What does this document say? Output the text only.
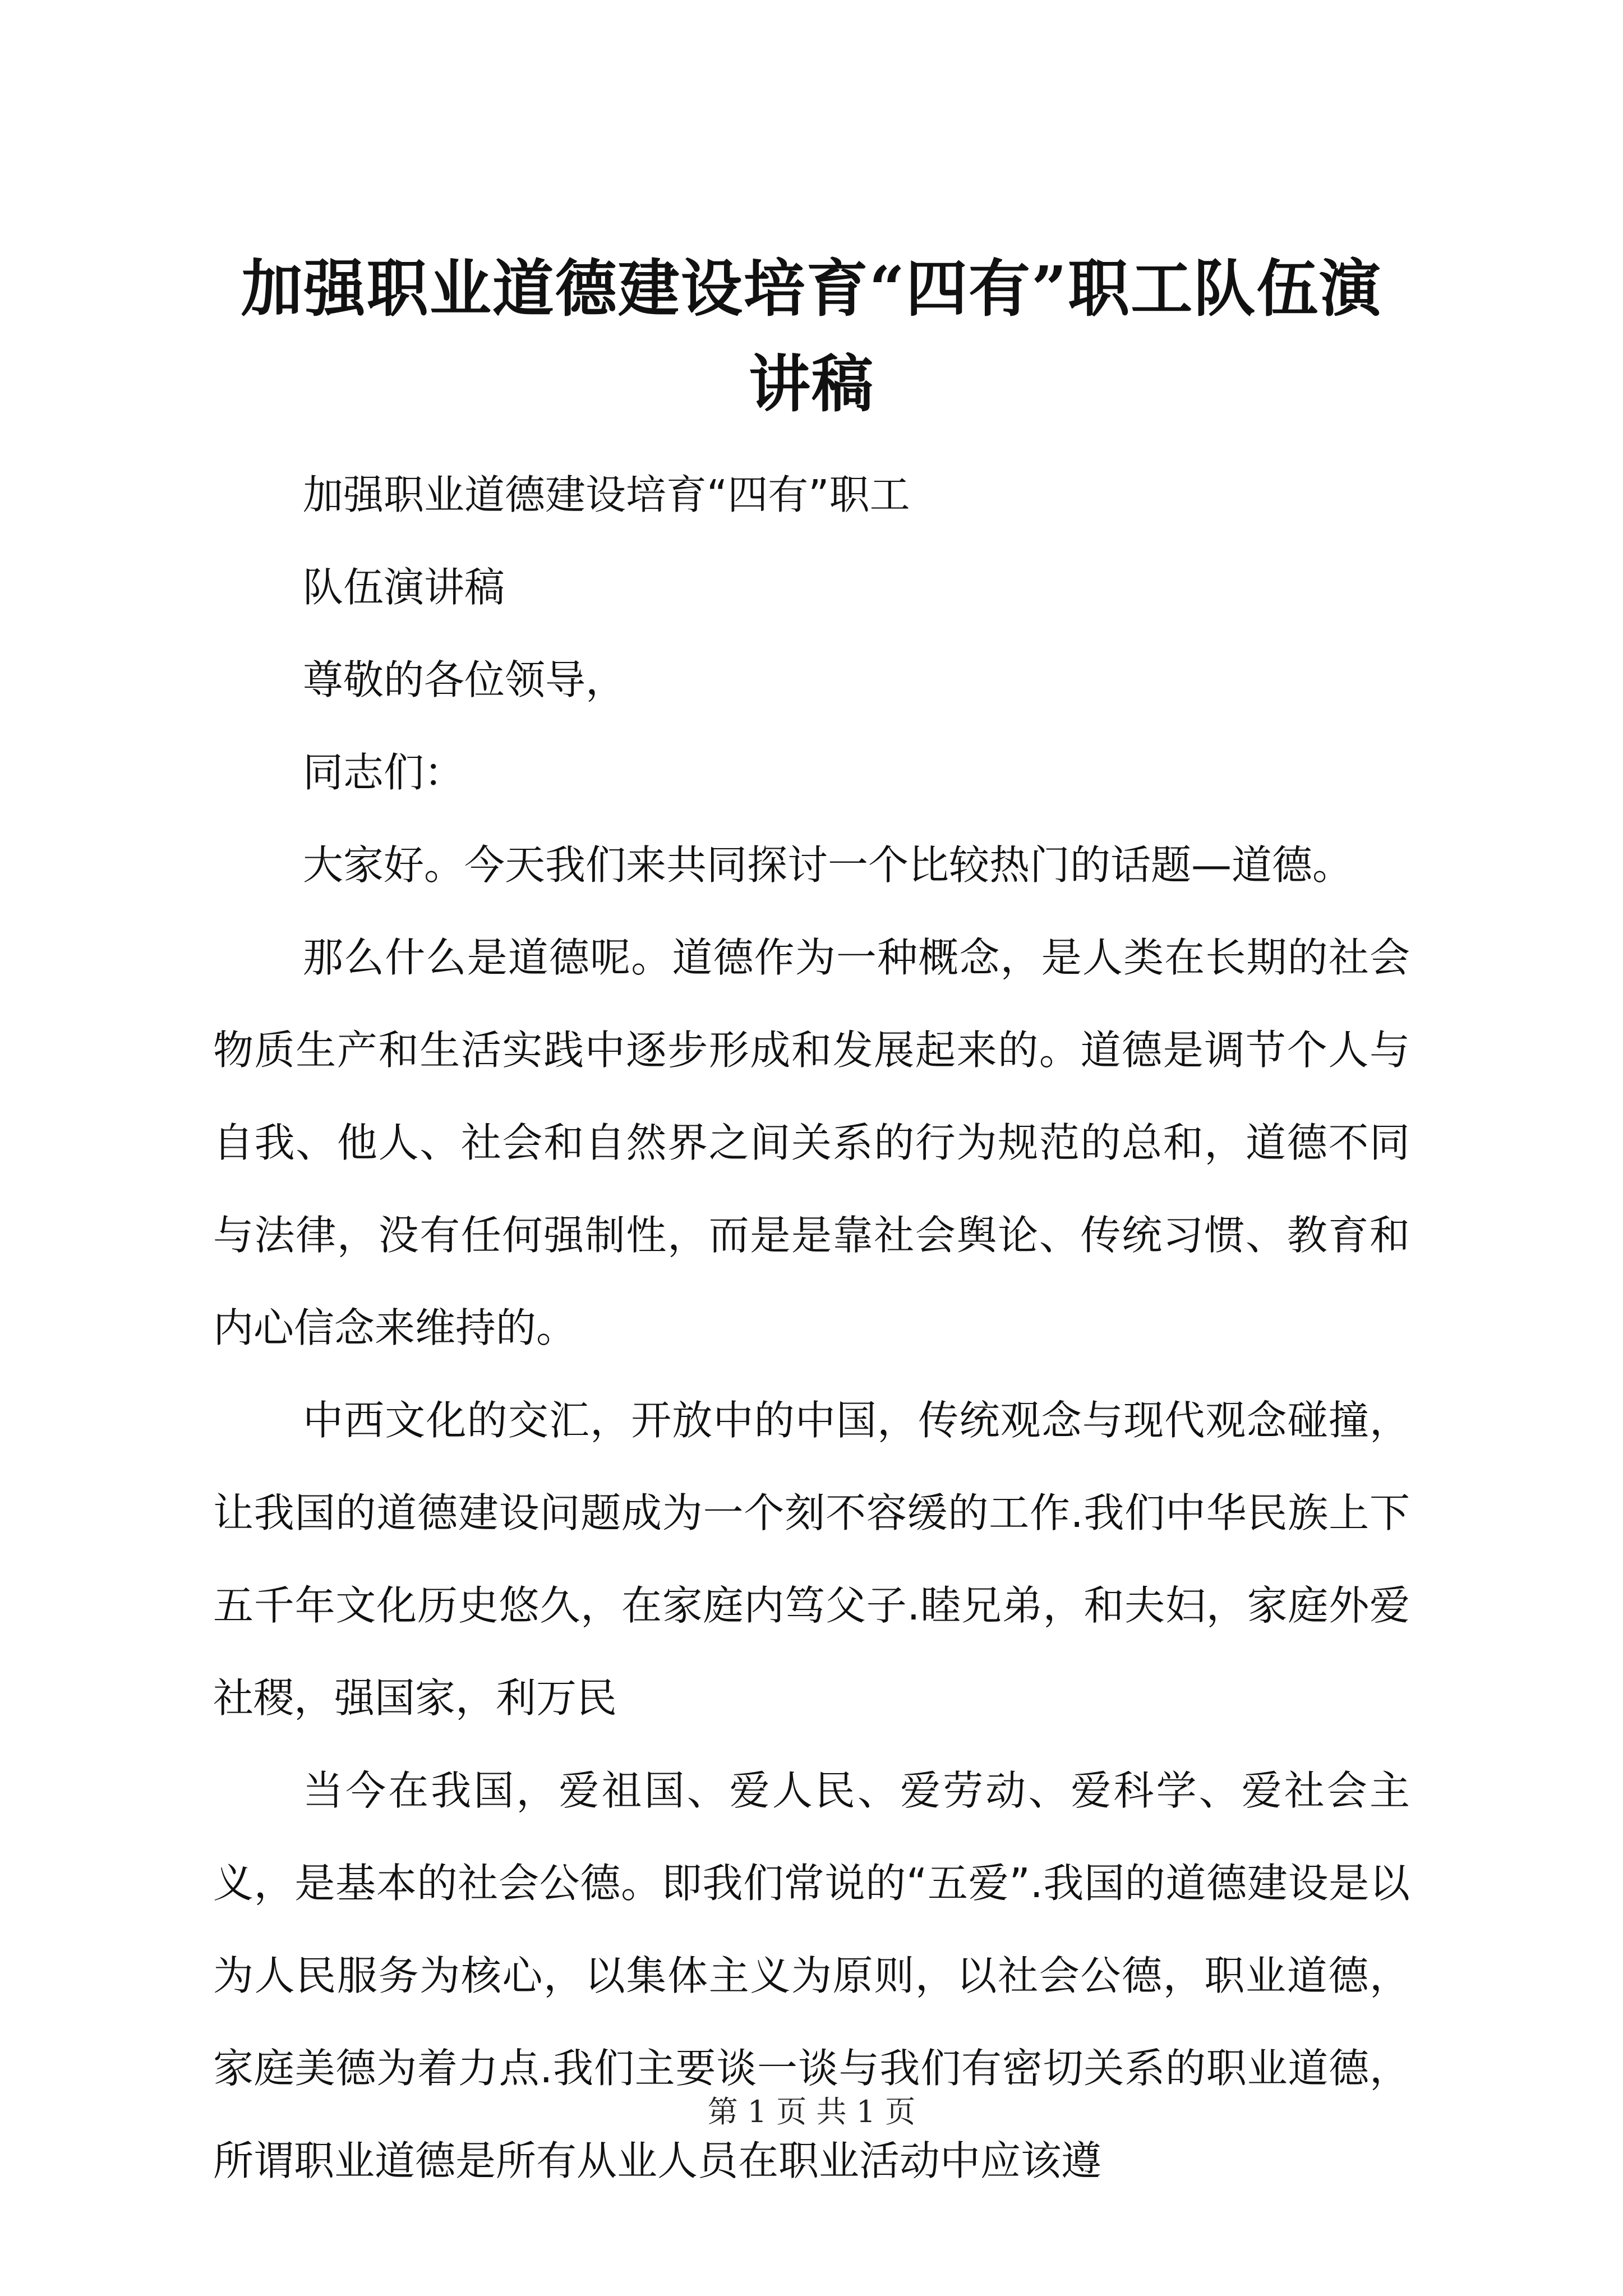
加强职业道德建设培育“四有”职工队伍演讲稿

加强职业道德建设培育“四有”职工

队伍演讲稿

尊敬的各位领导，

同志们：

大家好。今天我们来共同探讨一个比较热门的话题—道德。

那么什么是道德呢。道德作为一种概念，是人类在长期的社会物质生产和生活实践中逐步形成和发展起来的。道德是调节个人与自我、他人、社会和自然界之间关系的行为规范的总和，道德不同与法律，没有任何强制性，而是是靠社会舆论、传统习惯、教育和内心信念来维持的。

中西文化的交汇，开放中的中国，传统观念与现代观念碰撞，让我国的道德建设问题成为一个刻不容缓的工作.我们中华民族上下五千年文化历史悠久，在家庭内笃父子.睦兄弟，和夫妇，家庭外爱社稷，强国家，利万民

当今在我国，爱祖国、爱人民、爱劳动、爱科学、爱社会主义，是基本的社会公德。即我们常说的“五爱”.我国的道德建设是以为人民服务为核心，以集体主义为原则，以社会公德，职业道德，家庭美德为着力点.我们主要谈一谈与我们有密切关系的职业道德，所谓职业道德是所有从业人员在职业活动中应该遵

第 1 页 共 1 页
